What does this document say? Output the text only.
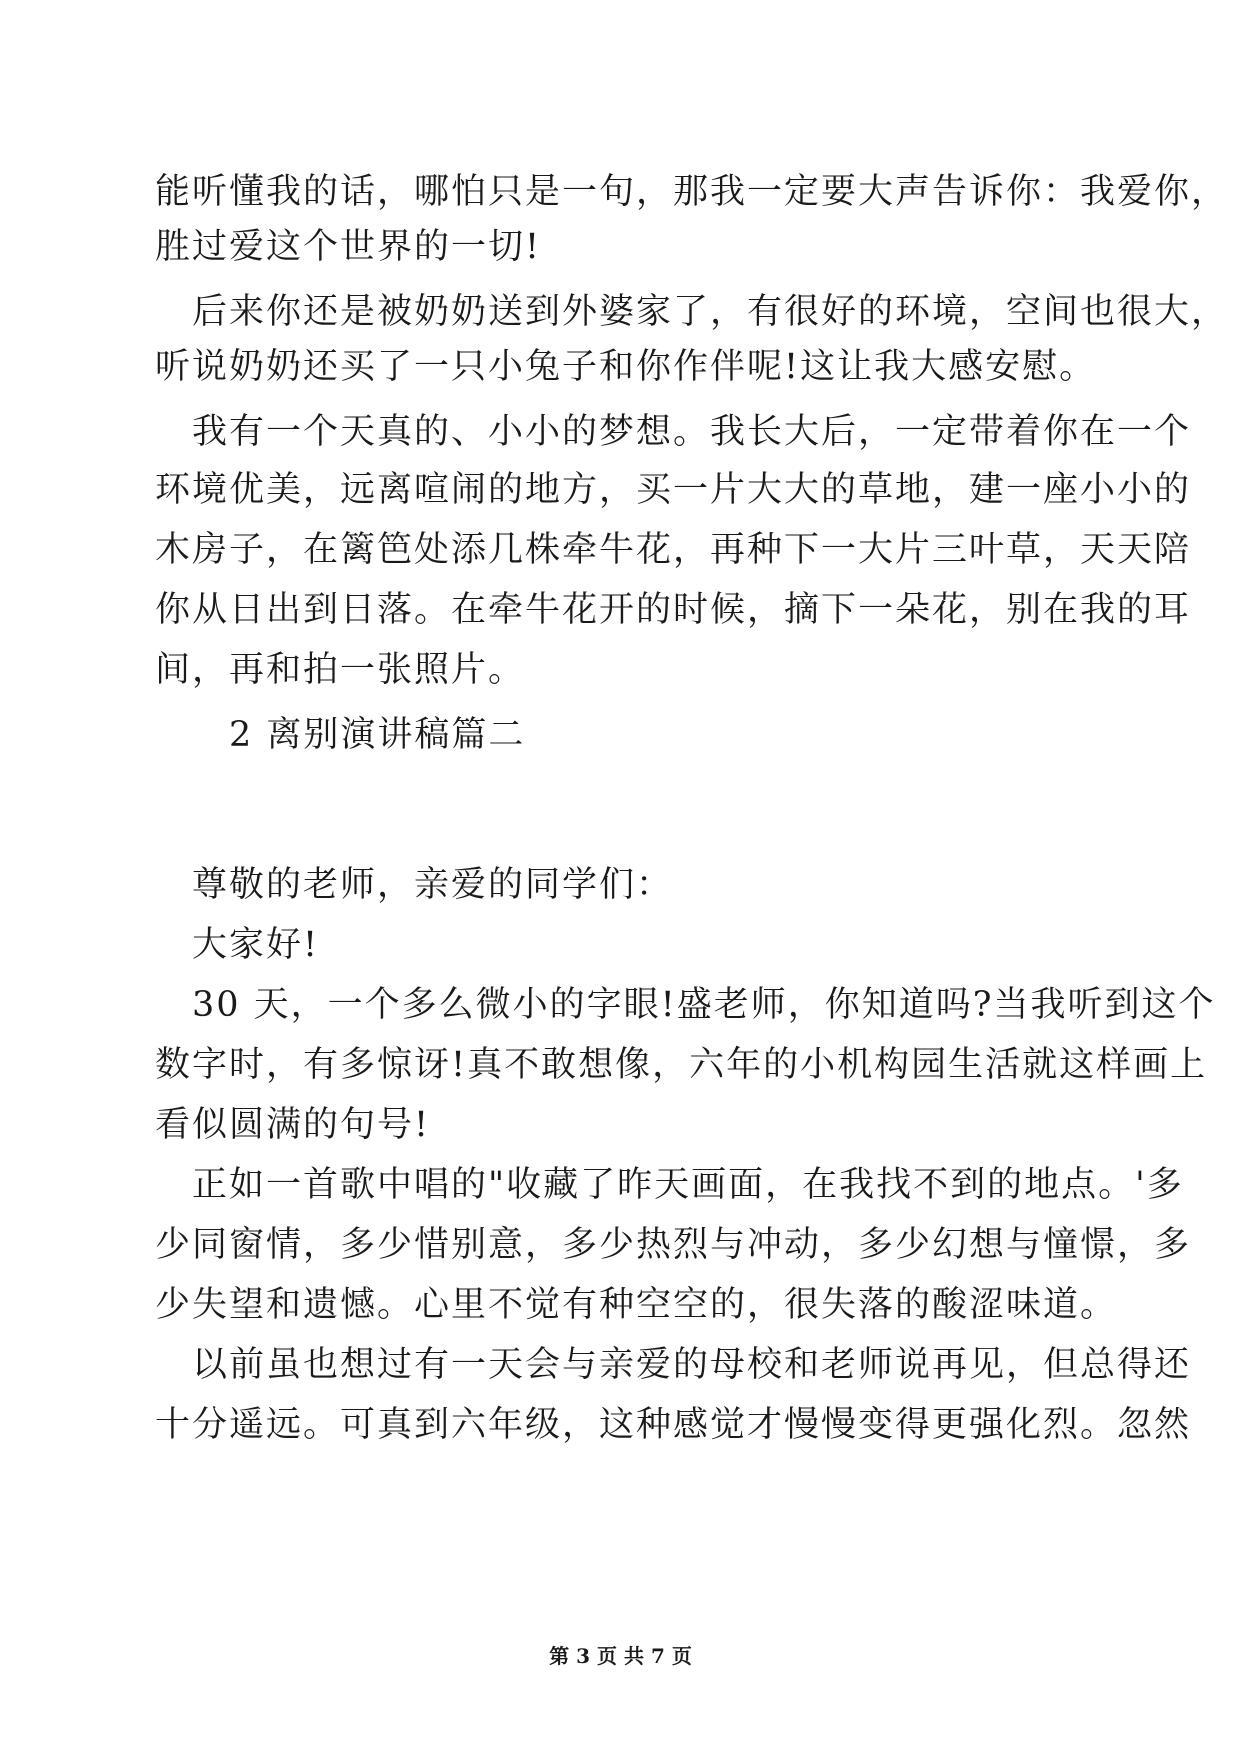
能听懂我的话，哪怕只是一句，那我一定要大声告诉你：我爱你，
胜过爱这个世界的一切!
　后来你还是被奶奶送到外婆家了，有很好的环境，空间也很大，
听说奶奶还买了一只小兔子和你作伴呢!这让我大感安慰。
　我有一个天真的、小小的梦想。我长大后，一定带着你在一个
环境优美，远离喧闹的地方，买一片大大的草地，建一座小小的
木房子，在篱笆处添几株牵牛花，再种下一大片三叶草，天天陪
你从日出到日落。在牵牛花开的时候，摘下一朵花，别在我的耳
间，再和拍一张照片。
　　2 离别演讲稿篇二
　尊敬的老师，亲爱的同学们：
　大家好!
　30 天，一个多么微小的字眼!盛老师，你知道吗?当我听到这个
数字时，有多惊讶!真不敢想像，六年的小机构园生活就这样画上
看似圆满的句号!
　正如一首歌中唱的"收藏了昨天画面，在我找不到的地点。'多
少同窗情，多少惜别意，多少热烈与冲动，多少幻想与憧憬，多
少失望和遗憾。心里不觉有种空空的，很失落的酸涩味道。
　以前虽也想过有一天会与亲爱的母校和老师说再见，但总得还
十分遥远。可真到六年级，这种感觉才慢慢变得更强化烈。忽然
第 3 页 共 7 页
